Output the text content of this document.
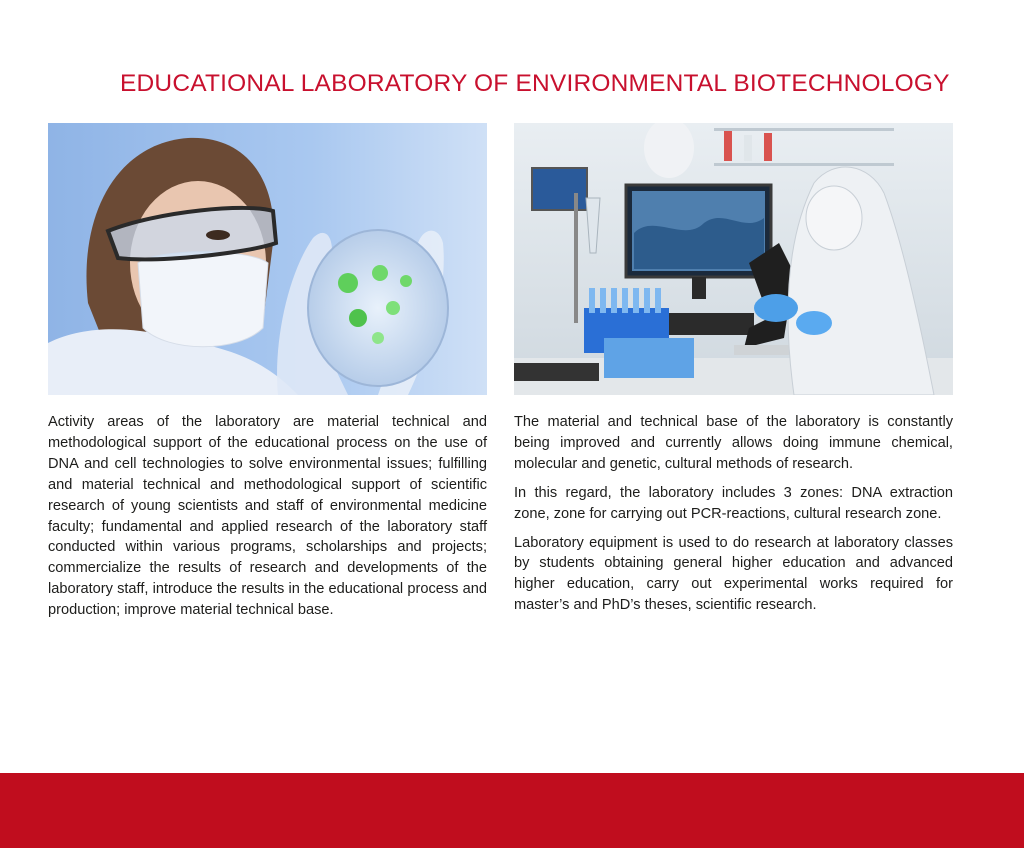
EDUCATIONAL LABORATORY OF ENVIRONMENTAL BIOTECHNOLOGY

Activity areas of the laboratory are material technical and methodological support of the educational process on the use of DNA and cell technologies to solve environmental issues; fulfilling and material technical and methodological support of scientific research of young scientists and staff of environmental medicine faculty; fundamental and applied research of the laboratory staff conducted within various programs, scholarships and projects; commercialize the results of research and developments of the laboratory staff, introduce the results in the educational process and production; improve material technical base.

The material and technical base of the laboratory is constantly being improved and currently allows doing immune chemical, molecular and genetic, cultural methods of research.

In this regard, the laboratory includes 3 zones: DNA extraction zone, zone for carrying out PCR-reactions, cultural research zone.

Laboratory equipment is used to do research at laboratory classes by students obtaining general higher education and advanced higher education, carry out experimental works required for master’s and PhD’s theses, scientific research.
